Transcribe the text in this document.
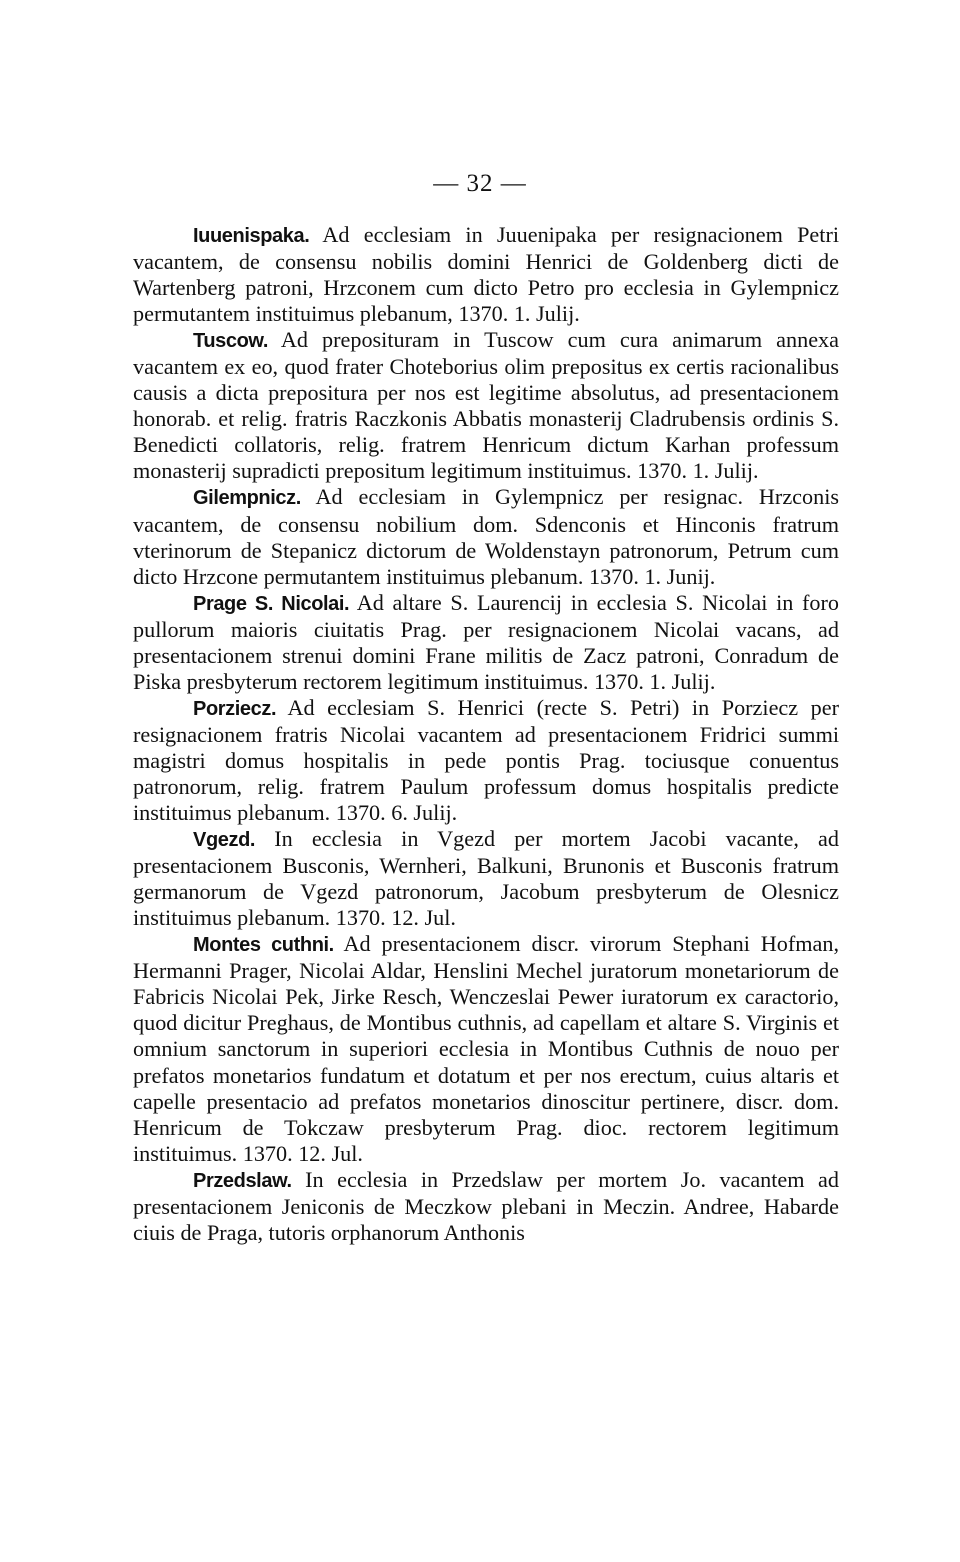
— 32 —

Iuuenispaka. Ad ecclesiam in Juuenipaka per resignacionem Petri vacantem, de consensu nobilis domini Henrici de Goldenberg dicti de Wartenberg patroni, Hrzconem cum dicto Petro pro ecclesia in Gylempnicz permutantem instituimus plebanum, 1370. 1. Julij.

Tuscow. Ad preposituram in Tuscow cum cura animarum annexa vacantem ex eo, quod frater Choteborius olim prepositus ex certis racionalibus causis a dicta prepositura per nos est legitime absolutus, ad presentacionem honorab. et relig. fratris Raczkonis Abbatis monasterij Cladrubensis ordinis S. Benedicti collatoris, relig. fratrem Henricum dictum Karhan professum monasterij supradicti prepositum legitimum instituimus. 1370. 1. Julij.

Gilempnicz. Ad ecclesiam in Gylempnicz per resignac. Hrzconis vacantem, de consensu nobilium dom. Sdenconis et Hinconis fratrum vterinorum de Stepanicz dictorum de Woldenstayn patronorum, Petrum cum dicto Hrzcone permutantem instituimus plebanum. 1370. 1. Junij.

Prage S. Nicolai. Ad altare S. Laurencij in ecclesia S. Nicolai in foro pullorum maioris ciuitatis Prag. per resignacionem Nicolai vacans, ad presentacionem strenui domini Frane militis de Zacz patroni, Conradum de Piska presbyterum rectorem legitimum instituimus. 1370. 1. Julij.

Porziecz. Ad ecclesiam S. Henrici (recte S. Petri) in Porziecz per resignacionem fratris Nicolai vacantem ad presentacionem Fridrici summi magistri domus hospitalis in pede pontis Prag. tociusque conuentus patronorum, relig. fratrem Paulum professum domus hospitalis predicte instituimus plebanum. 1370. 6. Julij.

Vgezd. In ecclesia in Vgezd per mortem Jacobi vacante, ad presentacionem Busconis, Wernheri, Balkuni, Brunonis et Busconis fratrum germanorum de Vgezd patronorum, Jacobum presbyterum de Olesnicz instituimus plebanum. 1370. 12. Jul.

Montes cuthni. Ad presentacionem discr. virorum Stephani Hofman, Hermanni Prager, Nicolai Aldar, Henslini Mechel juratorum monetariorum de Fabricis Nicolai Pek, Jirke Resch, Wenczeslai Pewer iuratorum ex caractorio, quod dicitur Preghaus, de Montibus cuthnis, ad capellam et altare S. Virginis et omnium sanctorum in superiori ecclesia in Montibus Cuthnis de nouo per prefatos monetarios fundatum et dotatum et per nos erectum, cuius altaris et capelle presentacio ad prefatos monetarios dinoscitur pertinere, discr. dom. Henricum de Tokczaw presbyterum Prag. dioc. rectorem legitimum instituimus. 1370. 12. Jul.

Przedslaw. In ecclesia in Przedslaw per mortem Jo. vacantem ad presentacionem Jeniconis de Meczkow plebani in Meczin. Andree, Habarde ciuis de Praga, tutoris orphanorum Anthonis
